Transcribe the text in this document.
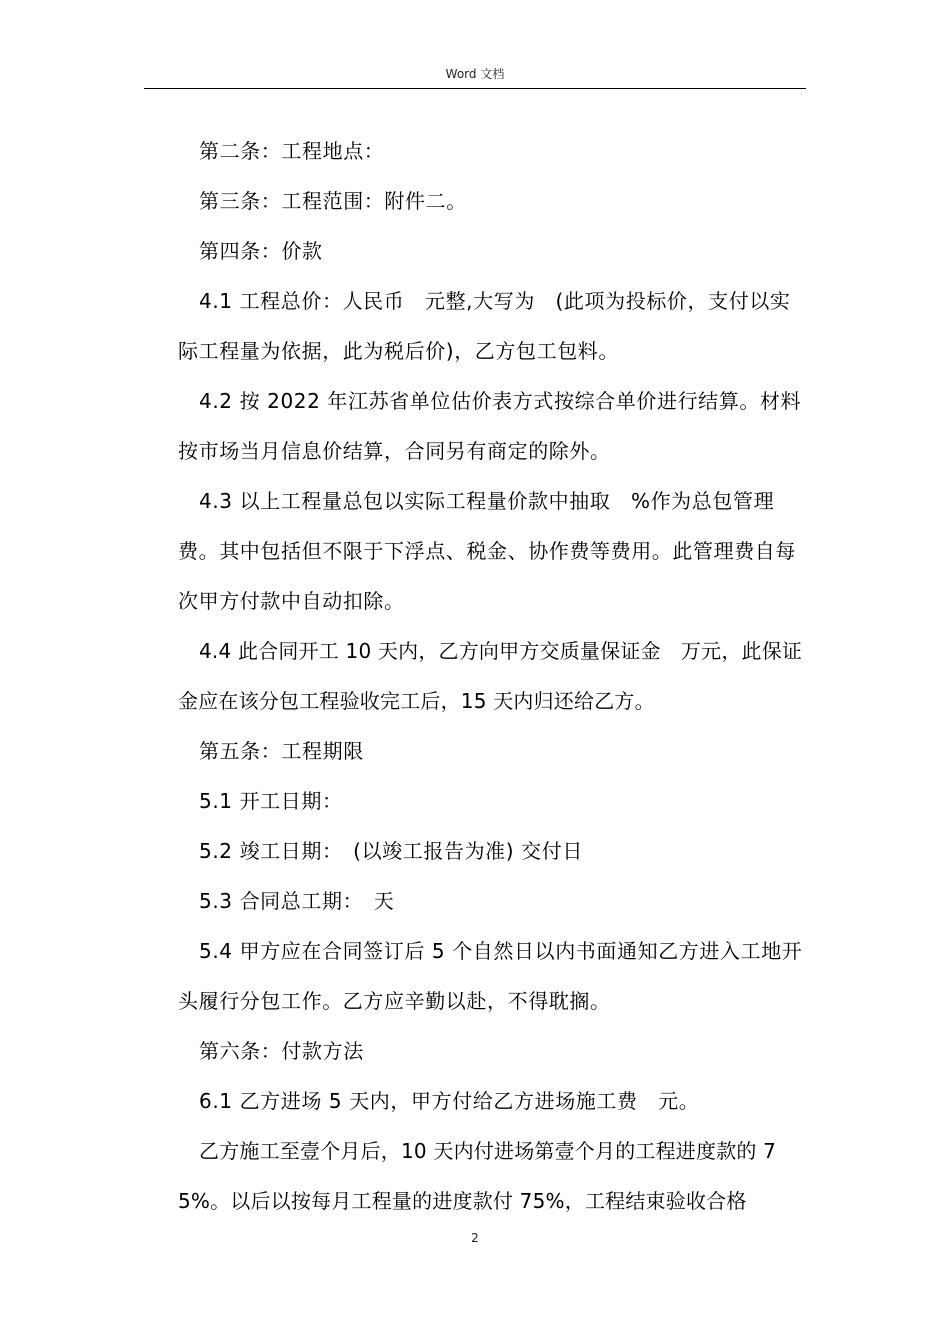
Word 文档

第二条：工程地点：

第三条：工程范围：附件二。

第四条：价款

4.1 工程总价：人民币　元整,大写为　(此项为投标价，支付以实际工程量为依据，此为税后价)，乙方包工包料。

4.2 按 2022 年江苏省单位估价表方式按综合单价进行结算。材料按市场当月信息价结算，合同另有商定的除外。

4.3 以上工程量总包以实际工程量价款中抽取　%作为总包管理费。其中包括但不限于下浮点、税金、协作费等费用。此管理费自每次甲方付款中自动扣除。

4.4 此合同开工 10 天内，乙方向甲方交质量保证金　万元，此保证金应在该分包工程验收完工后，15 天内归还给乙方。

第五条：工程期限

5.1 开工日期：

5.2 竣工日期：　(以竣工报告为准) 交付日

5.3 合同总工期：　天

5.4 甲方应在合同签订后 5 个自然日以内书面通知乙方进入工地开头履行分包工作。乙方应辛勤以赴，不得耽搁。

第六条：付款方法

6.1 乙方进场 5 天内，甲方付给乙方进场施工费　元。

乙方施工至壹个月后，10 天内付进场第壹个月的工程进度款的 75%。以后以按每月工程量的进度款付 75%，工程结束验收合格

2
